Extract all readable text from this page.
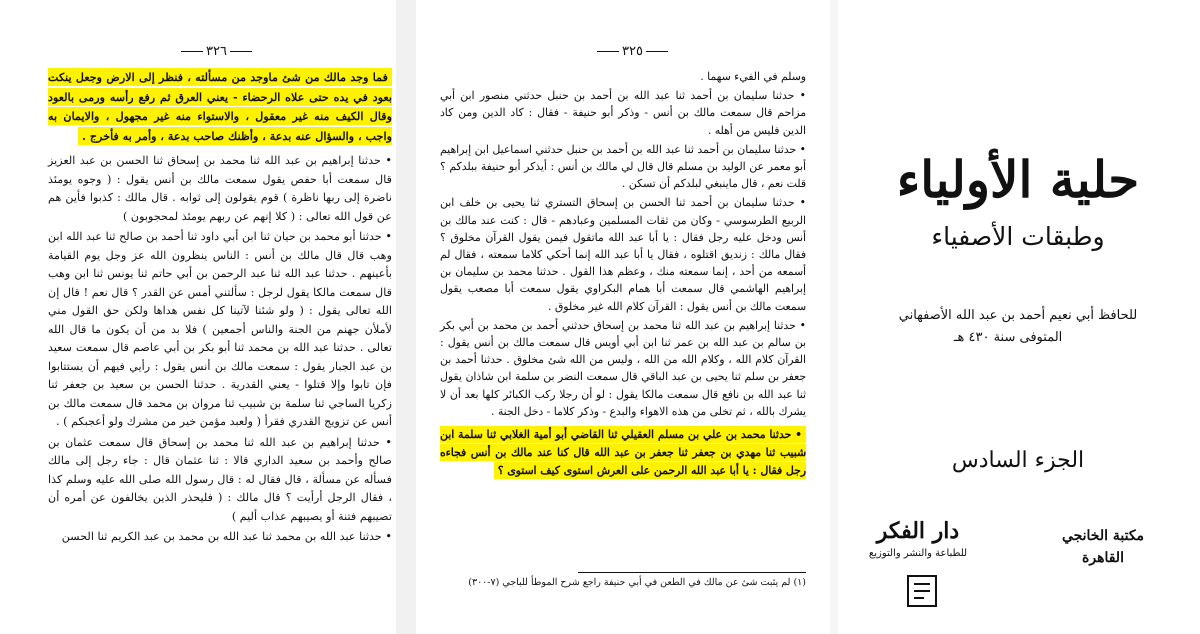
٣٢٦

فما وجد مالك من شئ ماوجد من مسألته ، فنظر إلى الارض وجعل ينكت بعود في يده حتى علاه الرحضاء - يعني العرق ثم رفع رأسه ورمى بالعود وقال الكيف منه غير معقول ، والاستواء منه غير مجهول ، والايمان به واجب ، والسؤال عنه بدعة ، وأظنك صاحب بدعة ، وأمر به فأخرج .

• حدثنا إبراهيم بن عبد الله ثنا محمد بن إسحاق ثنا الحسن بن عبد العزيز قال سمعت أبا حفص يقول سمعت مالك بن أنس يقول : ( وجوه يومئذ ناضرة إلى ربها ناظرة ) قوم يقولون إلى ثوابه . قال مالك : كذبوا فأين هم عن قول الله تعالى : ( كلا إنهم عن ربهم يومئذ لمحجوبون )

• حدثنا أبو محمد بن حيان ثنا ابن أبي داود ثنا أحمد بن صالح ثنا عبد الله ابن وهب قال قال مالك بن أنس : الناس ينظرون الله عز وجل يوم القيامة بأعينهم . حدثنا عبد الله ثنا عبد الرحمن بن أبي حاتم ثنا يونس ثنا ابن وهب قال سمعت مالكا يقول لرجل : سألتني أمس عن القدر ؟ قال نعم ! قال إن الله تعالى يقول : ( ولو شئنا لآتينا كل نفس هداها ولكن حق القول مني لأملأن جهنم من الجنة والناس أجمعين ) فلا بد من أن يكون ما قال الله تعالى . حدثنا عبد الله بن محمد ثنا أبو بكر بن أبي عاصم قال سمعت سعيد بن عبد الجبار يقول : سمعت مالك بن أنس يقول : رأيي فيهم أن يستتابوا فإن تابوا وإلا قتلوا - يعني القدرية . حدثنا الحسن بن سعيد بن جعفر ثنا زكريا الساجي ثنا سلمة بن شبيب ثنا مروان بن محمد قال سمعت مالك بن أنس عن تزويج القدري فقرأ ( ولعبد مؤمن خير من مشرك ولو أعجبكم ) .

• حدثنا إبراهيم بن عبد الله ثنا محمد بن إسحاق قال سمعت عثمان بن صالح وأحمد بن سعيد الداري قالا : ثنا عثمان قال : جاء رجل إلى مالك فسأله عن مسألة ، قال فقال له : قال رسول الله صلى الله عليه وسلم كذا ، فقال الرجل أرأيت ؟ قال مالك : ( فليحذر الذين يخالفون عن أمره أن تصيبهم فتنة أو يصيبهم عذاب أليم )

• حدثنا عبد الله بن محمد ثنا عبد الله بن محمد بن عبد الكريم ثنا الحسن

٣٢٥

وسلم في الفيء سهما .

• حدثنا سليمان بن أحمد ثنا عبد الله بن أحمد بن حنبل حدثني منصور ابن أبي مزاحم قال سمعت مالك بن أنس - وذكر أبو حنيفة - فقال : كاد الدين ومن كاد الدين فليس من أهله .

• حدثنا سليمان بن أحمد ثنا عبد الله بن أحمد بن حنبل حدثني اسماعيل ابن إبراهيم أبو معمر عن الوليد بن مسلم قال قال لي مالك بن أنس : أيذكر أبو حنيفة ببلدكم ؟ قلت نعم ، قال ماينبغي لبلدكم أن تسكن .

• حدثنا سليمان بن أحمد ثنا الحسن بن إسحاق التستري ثنا يحيى بن خلف ابن الربيع الطرسوسي - وكان من ثقات المسلمين وعبادهم - قال : كنت عند مالك بن أنس ودخل عليه رجل فقال : يا أبا عبد الله ماتقول فيمن يقول القرآن مخلوق ؟ فقال مالك : زنديق اقتلوه ، فقال يا أبا عبد الله إنما أحكي كلاما سمعته ، فقال لم أسمعه من أحد ، إنما سمعته منك ، وعظم هذا القول . حدثنا محمد بن سليمان بن إبراهيم الهاشمي قال سمعت أبا همام البكراوي يقول سمعت أبا مصعب يقول سمعت مالك بن أنس يقول : القرآن كلام الله غير مخلوق .

• حدثنا إبراهيم بن عبد الله ثنا محمد بن إسحاق حدثني أحمد بن محمد بن أبي بكر بن سالم بن عبد الله بن عمر ثنا ابن أبي أويس قال سمعت مالك بن أنس يقول : القرآن كلام الله ، وكلام الله من الله ، وليس من الله شئ مخلوق . حدثنا أحمد بن جعفر بن سلم ثنا يحيى بن عبد الباقي قال سمعت النضر بن سلمة ابن شاذان يقول ثنا عبد الله بن نافع قال سمعت مالكا يقول : لو أن رجلا ركب الكبائر كلها بعد أن لا يشرك بالله ، ثم تخلى من هذه الاهواء والبدع - وذكر كلاما - دخل الجنة .

• حدثنا محمد بن علي بن مسلم العقيلي ثنا القاضي أبو أمية الغلابي ثنا سلمة ابن شبيب ثنا مهدي بن جعفر ثنا جعفر بن عبد الله قال كنا عند مالك بن أنس فجاءه رجل فقال : يا أبا عبد الله الرحمن على العرش استوى كيف استوى ؟

(١) لم يثبت شئ عن مالك في الطعن في أبي حنيفة راجع شرح الموطأ للباجي (٧-٣٠٠)
حلية الأولياء
وطبقات الأصفياء
للحافظ أبي نعيم أحمد بن عبد الله الأصفهاني
المتوفى سنة ٤٣٠ هـ
الجزء السادس
مكتبة الخانجي
القاهرة
دار الفكر
للطباعة والنشر والتوزيع
